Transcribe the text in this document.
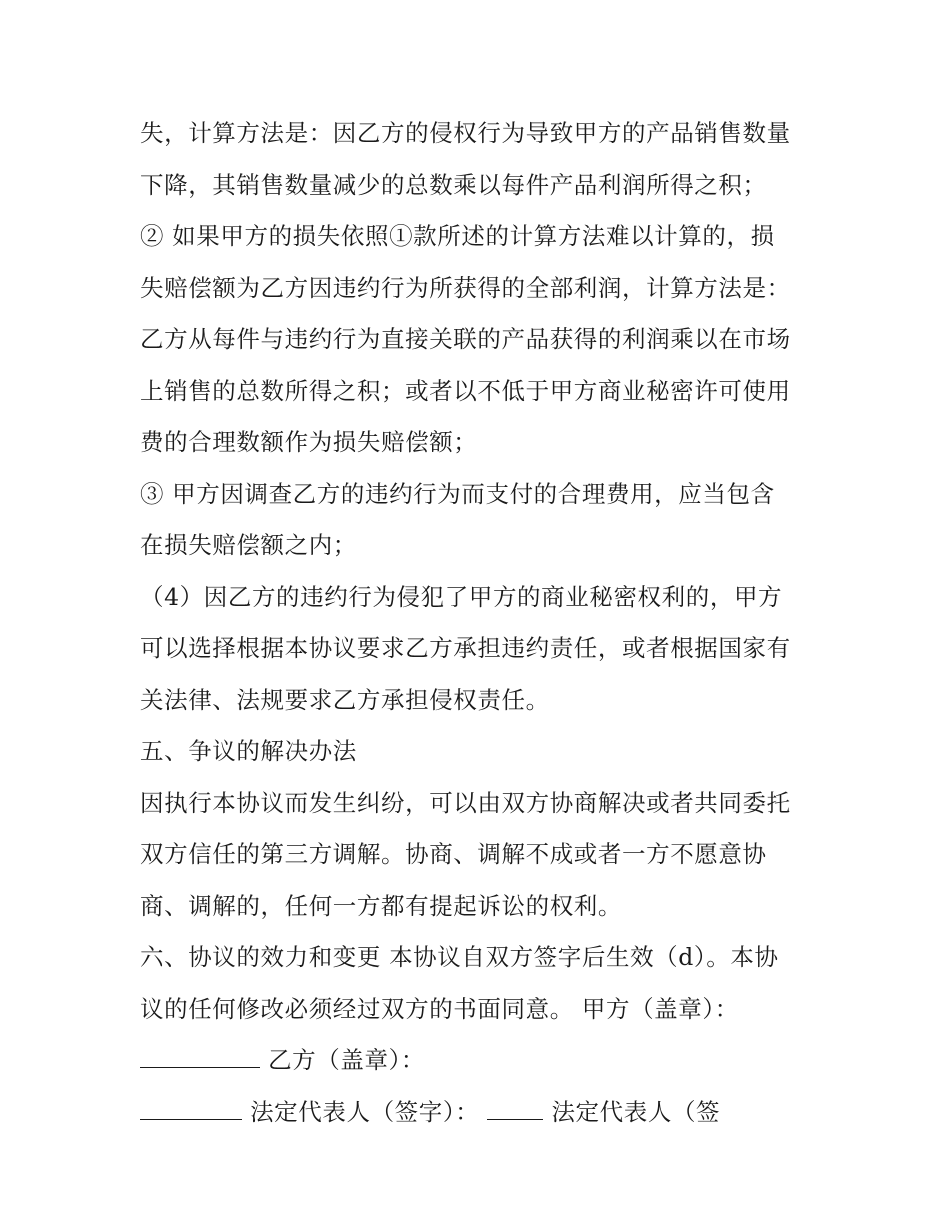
失，计算方法是：因乙方的侵权行为导致甲方的产品销售数量
下降，其销售数量减少的总数乘以每件产品利润所得之积；
② 如果甲方的损失依照①款所述的计算方法难以计算的，损
失赔偿额为乙方因违约行为所获得的全部利润，计算方法是：
乙方从每件与违约行为直接关联的产品获得的利润乘以在市场
上销售的总数所得之积；或者以不低于甲方商业秘密许可使用
费的合理数额作为损失赔偿额；
③ 甲方因调查乙方的违约行为而支付的合理费用，应当包含
在损失赔偿额之内；
（4）因乙方的违约行为侵犯了甲方的商业秘密权利的，甲方
可以选择根据本协议要求乙方承担违约责任，或者根据国家有
关法律、法规要求乙方承担侵权责任。
五、争议的解决办法
因执行本协议而发生纠纷，可以由双方协商解决或者共同委托
双方信任的第三方调解。协商、调解不成或者一方不愿意协
商、调解的，任何一方都有提起诉讼的权利。
六、协议的效力和变更 本协议自双方签字后生效（d）。本协
议的任何修改必须经过双方的书面同意。 甲方（盖章）：
乙方（盖章）：
法定代表人（签字）：  法定代表人（签
